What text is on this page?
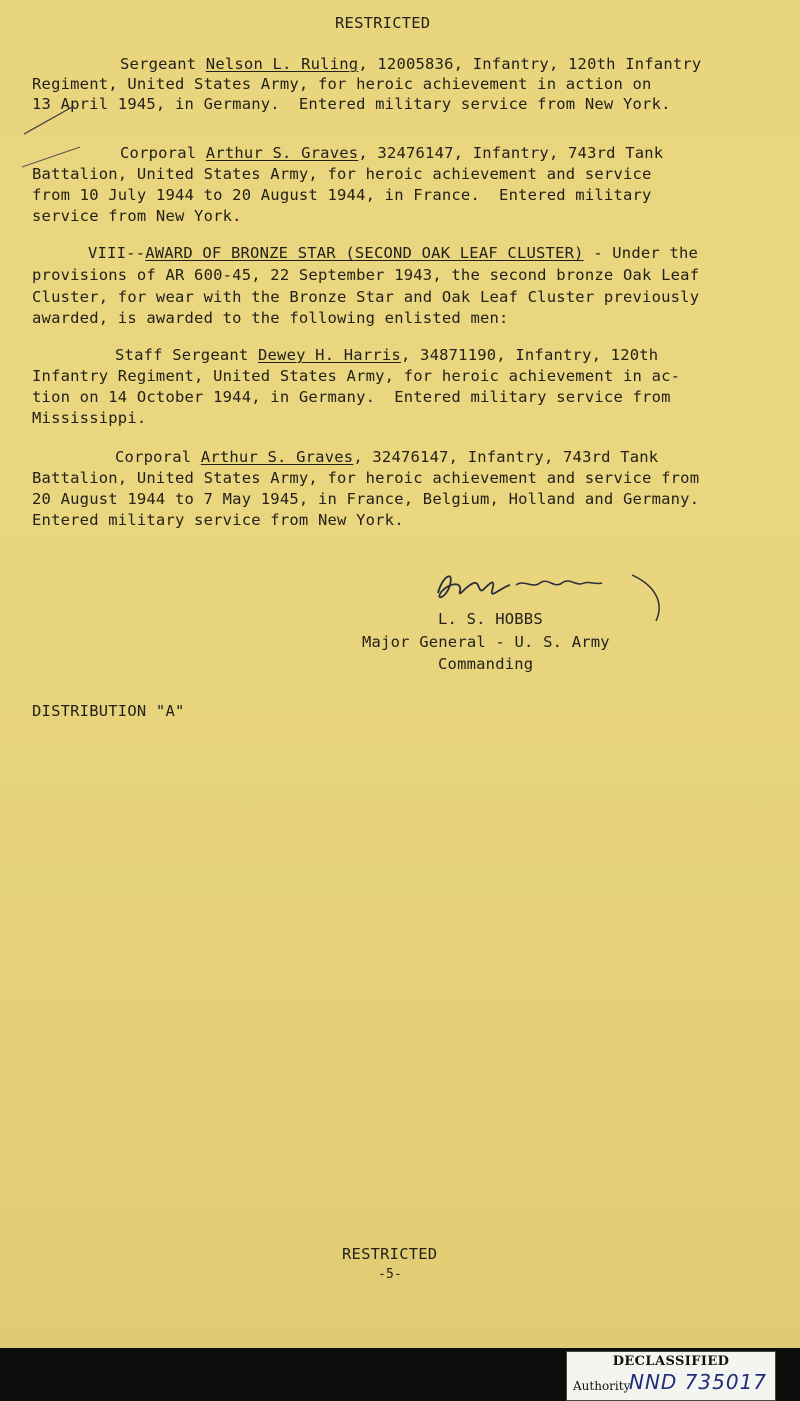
RESTRICTED
Sergeant Nelson L. Ruling, 12005836, Infantry, 120th Infantry
Regiment, United States Army, for heroic achievement in action on
13 April 1945, in Germany.  Entered military service from New York.
Corporal Arthur S. Graves, 32476147, Infantry, 743rd Tank
Battalion, United States Army, for heroic achievement and service
from 10 July 1944 to 20 August 1944, in France.  Entered military
service from New York.
VIII--AWARD OF BRONZE STAR (SECOND OAK LEAF CLUSTER) - Under the
provisions of AR 600-45, 22 September 1943, the second bronze Oak Leaf
Cluster, for wear with the Bronze Star and Oak Leaf Cluster previously
awarded, is awarded to the following enlisted men:
Staff Sergeant Dewey H. Harris, 34871190, Infantry, 120th
Infantry Regiment, United States Army, for heroic achievement in ac-
tion on 14 October 1944, in Germany.  Entered military service from
Mississippi.
Corporal Arthur S. Graves, 32476147, Infantry, 743rd Tank
Battalion, United States Army, for heroic achievement and service from
20 August 1944 to 7 May 1945, in France, Belgium, Holland and Germany.
Entered military service from New York.
L. S. HOBBS
Major General - U. S. Army
Commanding
DISTRIBUTION "A"
RESTRICTED
-5-
DECLASSIFIED
Authority
NND 735017
